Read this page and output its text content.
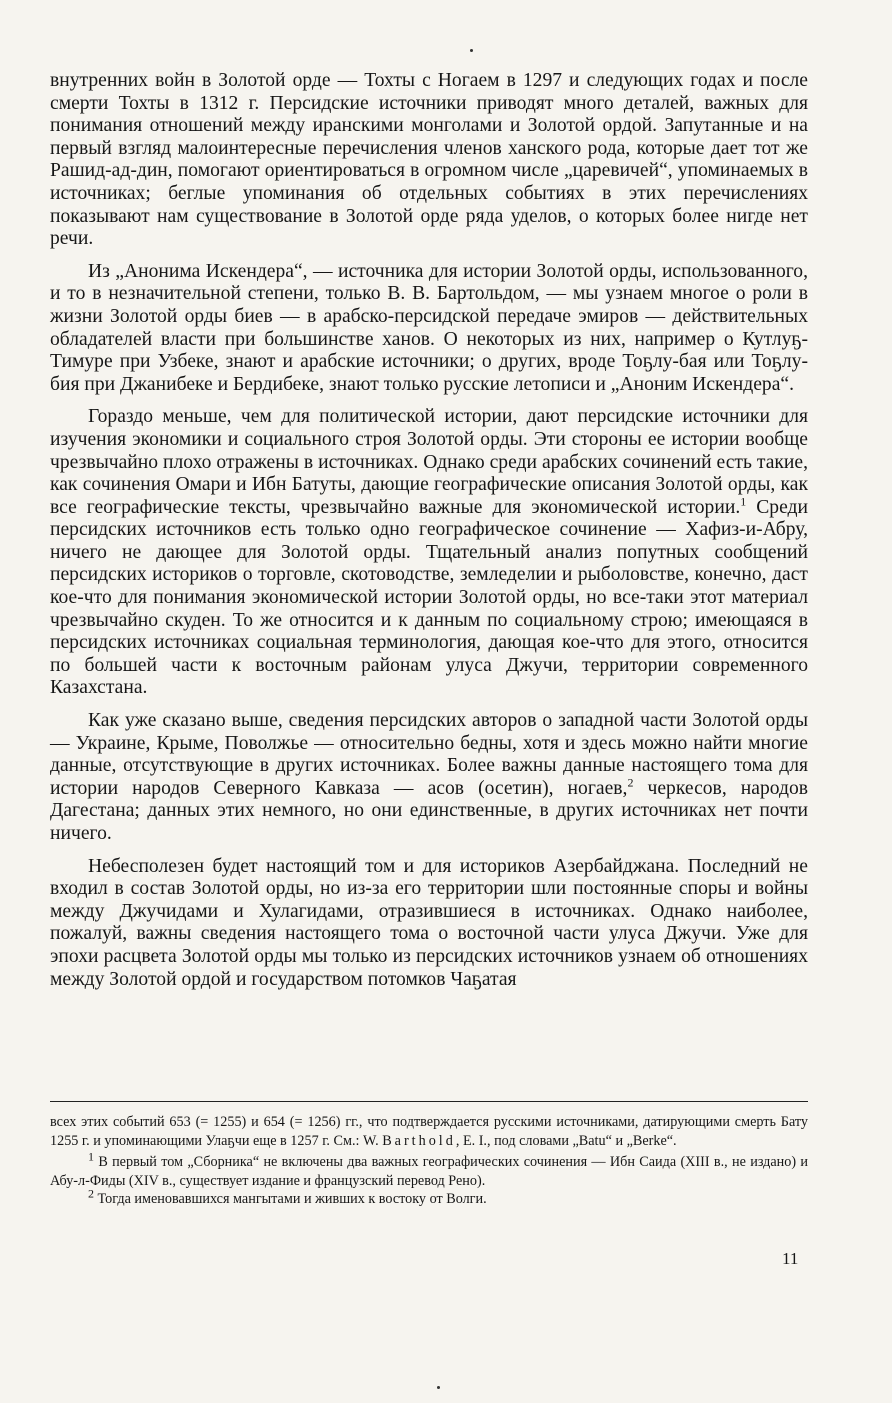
внутренних войн в Золотой орде — Тохты с Ногаем в 1297 и следующих годах и после смерти Тохты в 1312 г. Персидские источники приводят много деталей, важных для понимания отношений между иранскими монголами и Золотой ордой. Запутанные и на первый взгляд малоинтересные перечисления членов ханского рода, которые дает тот же Рашид-ад-дин, помогают ориентироваться в огромном числе „царевичей“, упоминаемых в источниках; беглые упоминания об отдельных событиях в этих перечислениях показывают нам существование в Золотой орде ряда уделов, о которых более нигде нет речи.

Из „Анонима Искендера“, — источника для истории Золотой орды, использованного, и то в незначительной степени, только В. В. Бартольдом, — мы узнаем многое о роли в жизни Золотой орды биев — в арабско-персидской передаче эмиров — действительных обладателей власти при большинстве ханов. О некоторых из них, например о Кутлуҕ-Тимуре при Узбеке, знают и арабские источники; о других, вроде Тоҕлу-бая или Тоҕлу-бия при Джанибеке и Бердибеке, знают только русские летописи и „Аноним Искендера“.

Гораздо меньше, чем для политической истории, дают персидские источники для изучения экономики и социального строя Золотой орды. Эти стороны ее истории вообще чрезвычайно плохо отражены в источниках. Однако среди арабских сочинений есть такие, как сочинения Омари и Ибн Батуты, дающие географические описания Золотой орды, как все географические тексты, чрезвычайно важные для экономической истории.$^1$ Среди персидских источников есть только одно географическое сочинение — Хафиз-и-Абру, ничего не дающее для Золотой орды. Тщательный анализ попутных сообщений персидских историков о торговле, скотоводстве, земледелии и рыболовстве, конечно, даст кое-что для понимания экономической истории Золотой орды, но все-таки этот материал чрезвычайно скуден. То же относится и к данным по социальному строю; имеющаяся в персидских источниках социальная терминология, дающая кое-что для этого, относится по большей части к восточным районам улуса Джучи, территории современного Казахстана.

Как уже сказано выше, сведения персидских авторов о западной части Золотой орды — Украине, Крыме, Поволжье — относительно бедны, хотя и здесь можно найти многие данные, отсутствующие в других источниках. Более важны данные настоящего тома для истории народов Северного Кавказа — асов (осетин), ногаев,$^2$ черкесов, народов Дагестана; данных этих немного, но они единственные, в других источниках нет почти ничего.

Небесполезен будет настоящий том и для историков Азербайджана. Последний не входил в состав Золотой орды, но из-за его территории шли постоянные споры и войны между Джучидами и Хулагидами, отразившиеся в источниках. Однако наиболее, пожалуй, важны сведения настоящего тома о восточной части улуса Джучи. Уже для эпохи расцвета Золотой орды мы только из персидских источников узнаем об отношениях между Золотой ордой и государством потомков Чаҕатая

всех этих событий 653 (= 1255) и 654 (= 1256) гг., что подтверждается русскими источниками, датирующими смерть Бату 1255 г. и упоминающими Улаҕчи еще в 1257 г. См.: W. Barthold, E. I., под словами „Batu“ и „Berke“.

$^1$ В первый том „Сборника“ не включены два важных географических сочинения — Ибн Саида (XIII в., не издано) и Абу-л-Фиды (XIV в., существует издание и французский перевод Рено).

$^2$ Тогда именовавшихся мангытами и живших к востоку от Волги.

11
